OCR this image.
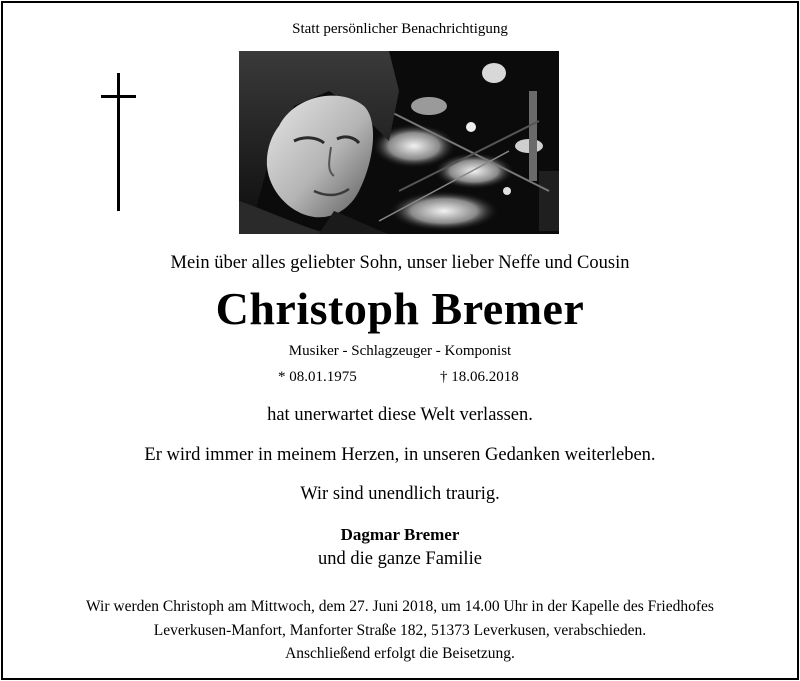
Statt persönlicher Benachrichtigung
Mein über alles geliebter Sohn, unser lieber Neffe und Cousin
Christoph Bremer
Musiker - Schlagzeuger - Komponist
* 08.01.1975	† 18.06.2018
hat unerwartet diese Welt verlassen.
Er wird immer in meinem Herzen, in unseren Gedanken weiterleben.
Wir sind unendlich traurig.
Dagmar Bremer
und die ganze Familie
Wir werden Christoph am Mittwoch, dem 27. Juni 2018, um 14.00 Uhr in der Kapelle des Friedhofes
Leverkusen-Manfort, Manforter Straße 182, 51373 Leverkusen, verabschieden.
Anschließend erfolgt die Beisetzung.
